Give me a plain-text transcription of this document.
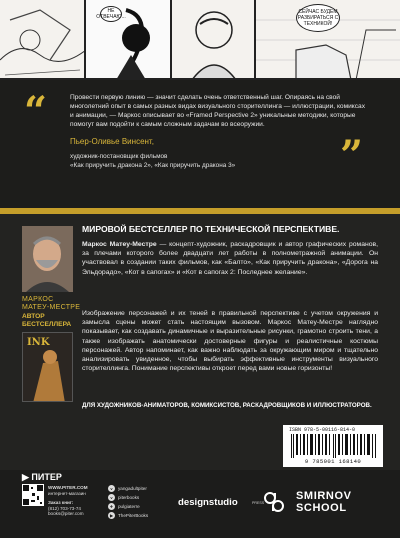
НЕ ОТВЕЧАЮ...
СЕЙЧАС БУДЕМ РАЗБИРАТЬСЯ С ТЕХНИКОЙ!
“
”
Провести первую линию — значит сделать очень ответственный шаг. Опираясь на свой многолетний опыт в самых разных видах визуального сторителлинга — иллюстрации, комиксах и анимации, — Маркос описывает во «Framed Perspective 2» уникальные методики, которые помогут вам подойти к самым сложным задачам во всеоружии.
Пьер-Оливье Винсент,
художник-постановщик фильмов
«Как приручить дракона 2», «Как приручить дракона 3»
МИРОВОЙ БЕСТСЕЛЛЕР ПО ТЕХНИЧЕСКОЙ ПЕРСПЕКТИВЕ.
МАРКОС
МАТЕУ-МЕСТРЕ
АВТОР
БЕСТСЕЛЛЕРА
INK
Маркос Матеу-Местре — концепт-художник, раскадровщик и автор графических романов, за плечами которого более двадцати лет работы в полнометражной анимации. Он участвовал в создании таких фильмов, как «Балто», «Как приручить дракона», «Дорога на Эльдорадо», «Кот в сапогах» и «Кот в сапогах 2: Последнее желание».
Изображение персонажей и их теней в правильной перспективе с учетом окружения и замысла сцены может стать настоящим вызовом. Маркос Матеу-Местре наглядно показывает, как создавать динамичные и выразительные рисунки, грамотно строить тени, а также изображать анатомически достоверные фигуры и реалистичные костюмы персонажей. Автор напоминает, как важно наблюдать за окружающим миром и тщательно анализировать увиденное, чтобы выбирать эффективные инструменты визуального сторителлинга. Понимание перспективы откроет перед вами новые горизонты!
ДЛЯ ХУДОЖНИКОВ-АНИМАТОРОВ, КОМИКСИСТОВ, РАСКАДРОВЩИКОВ И ИЛЛЮСТРАТОРОВ.
ISBN 978-5-00116-814-0
9 785001 168140
▶ ПИТЕР
WWW.PITER.COM
интернет-магазин
Заказ книг:
(812) 703-73-74
books@piter.com
v	yangadultpiter
v	piterbooks
✈	pulgiaterre
▶	ThePiterBooks
designstudio	PRESS
SMIRNOV
SCHOOL
